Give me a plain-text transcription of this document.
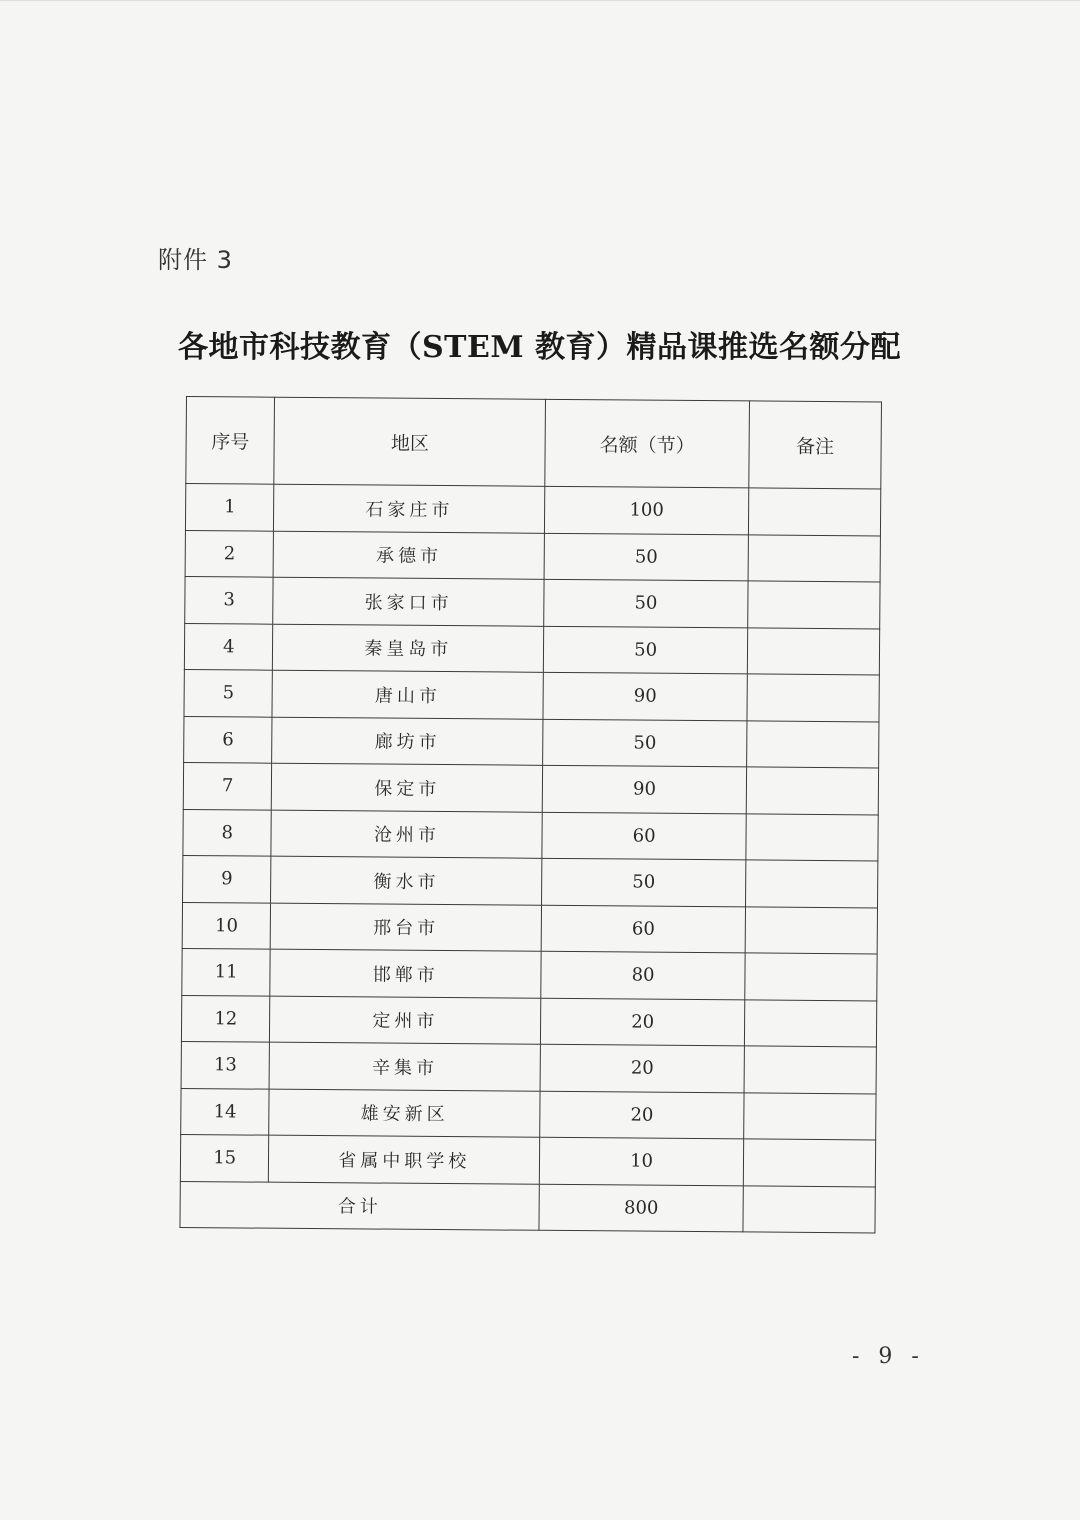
附件 3
各地市科技教育（STEM 教育）精品课推选名额分配
序号	地区	名额（节）	备注
1	石家庄市	100	
2	承德市	50	
3	张家口市	50	
4	秦皇岛市	50	
5	唐山市	90	
6	廊坊市	50	
7	保定市	90	
8	沧州市	60	
9	衡水市	50	
10	邢台市	60	
11	邯郸市	80	
12	定州市	20	
13	辛集市	20	
14	雄安新区	20	
15	省属中职学校	10	
合计		800	
- 9 -
